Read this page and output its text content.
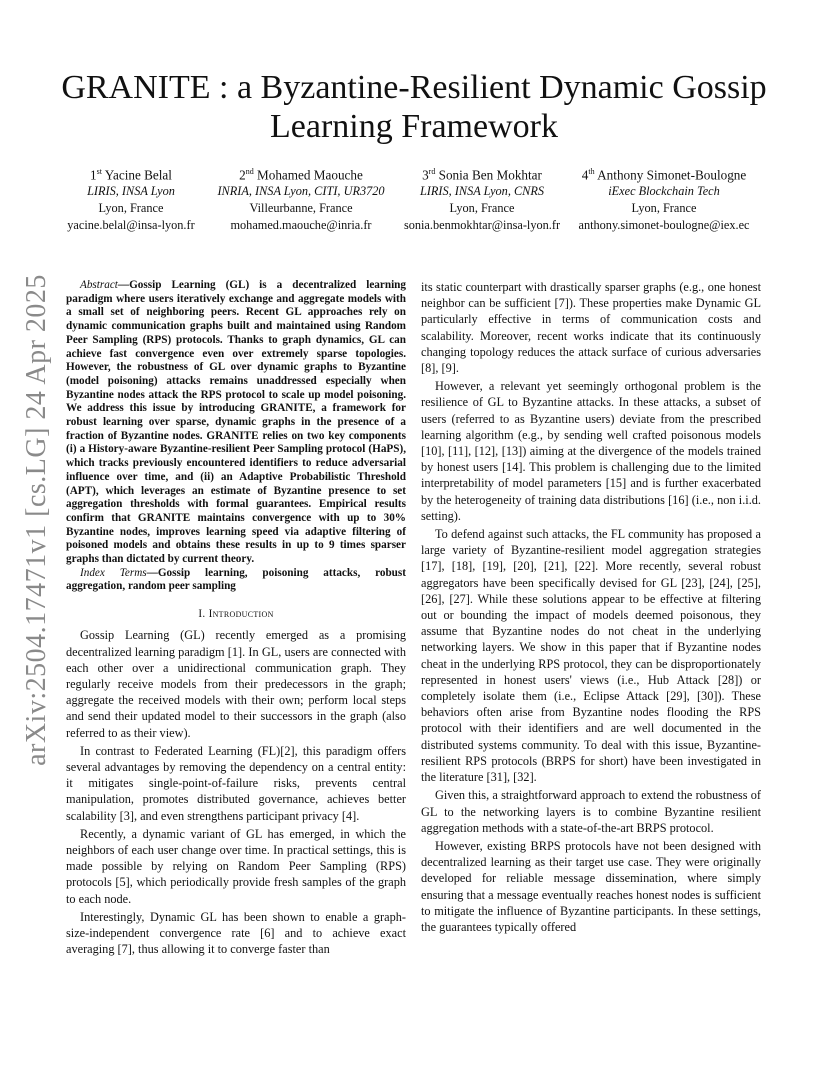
arXiv:2504.17471v1 [cs.LG] 24 Apr 2025
GRANITE : a Byzantine-Resilient Dynamic Gossip Learning Framework
1st Yacine Belal
LIRIS, INSA Lyon
Lyon, France
yacine.belal@insa-lyon.fr
2nd Mohamed Maouche
INRIA, INSA Lyon, CITI, UR3720
Villeurbanne, France
mohamed.maouche@inria.fr
3rd Sonia Ben Mokhtar
LIRIS, INSA Lyon, CNRS
Lyon, France
sonia.benmokhtar@insa-lyon.fr
4th Anthony Simonet-Boulogne
iExec Blockchain Tech
Lyon, France
anthony.simonet-boulogne@iex.ec

Abstract—Gossip Learning (GL) is a decentralized learning paradigm where users iteratively exchange and aggregate models with a small set of neighboring peers. Recent GL approaches rely on dynamic communication graphs built and maintained using Random Peer Sampling (RPS) protocols. Thanks to graph dynamics, GL can achieve fast convergence even over extremely sparse topologies. However, the robustness of GL over dynamic graphs to Byzantine (model poisoning) attacks remains unaddressed especially when Byzantine nodes attack the RPS protocol to scale up model poisoning. We address this issue by introducing GRANITE, a framework for robust learning over sparse, dynamic graphs in the presence of a fraction of Byzantine nodes. GRANITE relies on two key components (i) a History-aware Byzantine-resilient Peer Sampling protocol (HaPS), which tracks previously encountered identifiers to reduce adversarial influence over time, and (ii) an Adaptive Probabilistic Threshold (APT), which leverages an estimate of Byzantine presence to set aggregation thresholds with formal guarantees. Empirical results confirm that GRANITE maintains convergence with up to 30% Byzantine nodes, improves learning speed via adaptive filtering of poisoned models and obtains these results in up to 9 times sparser graphs than dictated by current theory.

Index Terms—Gossip learning, poisoning attacks, robust aggregation, random peer sampling

I. Introduction

Gossip Learning (GL) recently emerged as a promising decentralized learning paradigm [1]. In GL, users are connected with each other over a unidirectional communication graph. They regularly receive models from their predecessors in the graph; aggregate the received models with their own; perform local steps and send their updated model to their successors in the graph (also referred to as their view).

In contrast to Federated Learning (FL)[2], this paradigm offers several advantages by removing the dependency on a central entity: it mitigates single-point-of-failure risks, prevents central manipulation, promotes distributed governance, achieves better scalability [3], and even strengthens participant privacy [4].

Recently, a dynamic variant of GL has emerged, in which the neighbors of each user change over time. In practical settings, this is made possible by relying on Random Peer Sampling (RPS) protocols [5], which periodically provide fresh samples of the graph to each node.

Interestingly, Dynamic GL has been shown to enable a graph-size-independent convergence rate [6] and to achieve exact averaging [7], thus allowing it to converge faster than

its static counterpart with drastically sparser graphs (e.g., one honest neighbor can be sufficient [7]). These properties make Dynamic GL particularly effective in terms of communication costs and scalability. Moreover, recent works indicate that its continuously changing topology reduces the attack surface of curious adversaries [8], [9].

However, a relevant yet seemingly orthogonal problem is the resilience of GL to Byzantine attacks. In these attacks, a subset of users (referred to as Byzantine users) deviate from the prescribed learning algorithm (e.g., by sending well crafted poisonous models [10], [11], [12], [13]) aiming at the divergence of the models trained by honest users [14]. This problem is challenging due to the limited interpretability of model parameters [15] and is further exacerbated by the heterogeneity of training data distributions [16] (i.e., non i.i.d. setting).

To defend against such attacks, the FL community has proposed a large variety of Byzantine-resilient model aggregation strategies [17], [18], [19], [20], [21], [22]. More recently, several robust aggregators have been specifically devised for GL [23], [24], [25], [26], [27]. While these solutions appear to be effective at filtering out or bounding the impact of models deemed poisonous, they assume that Byzantine nodes do not cheat in the underlying networking layers. We show in this paper that if Byzantine nodes cheat in the underlying RPS protocol, they can be disproportionately represented in honest users' views (i.e., Hub Attack [28]) or completely isolate them (i.e., Eclipse Attack [29], [30]). These behaviors often arise from Byzantine nodes flooding the RPS protocol with their identifiers and are well documented in the distributed systems community. To deal with this issue, Byzantine-resilient RPS protocols (BRPS for short) have been investigated in the literature [31], [32].

Given this, a straightforward approach to extend the robustness of GL to the networking layers is to combine Byzantine resilient aggregation methods with a state-of-the-art BRPS protocol.

However, existing BRPS protocols have not been designed with decentralized learning as their target use case. They were originally developed for reliable message dissemination, where simply ensuring that a message eventually reaches honest nodes is sufficient to mitigate the influence of Byzantine participants. In these settings, the guarantees typically offered
